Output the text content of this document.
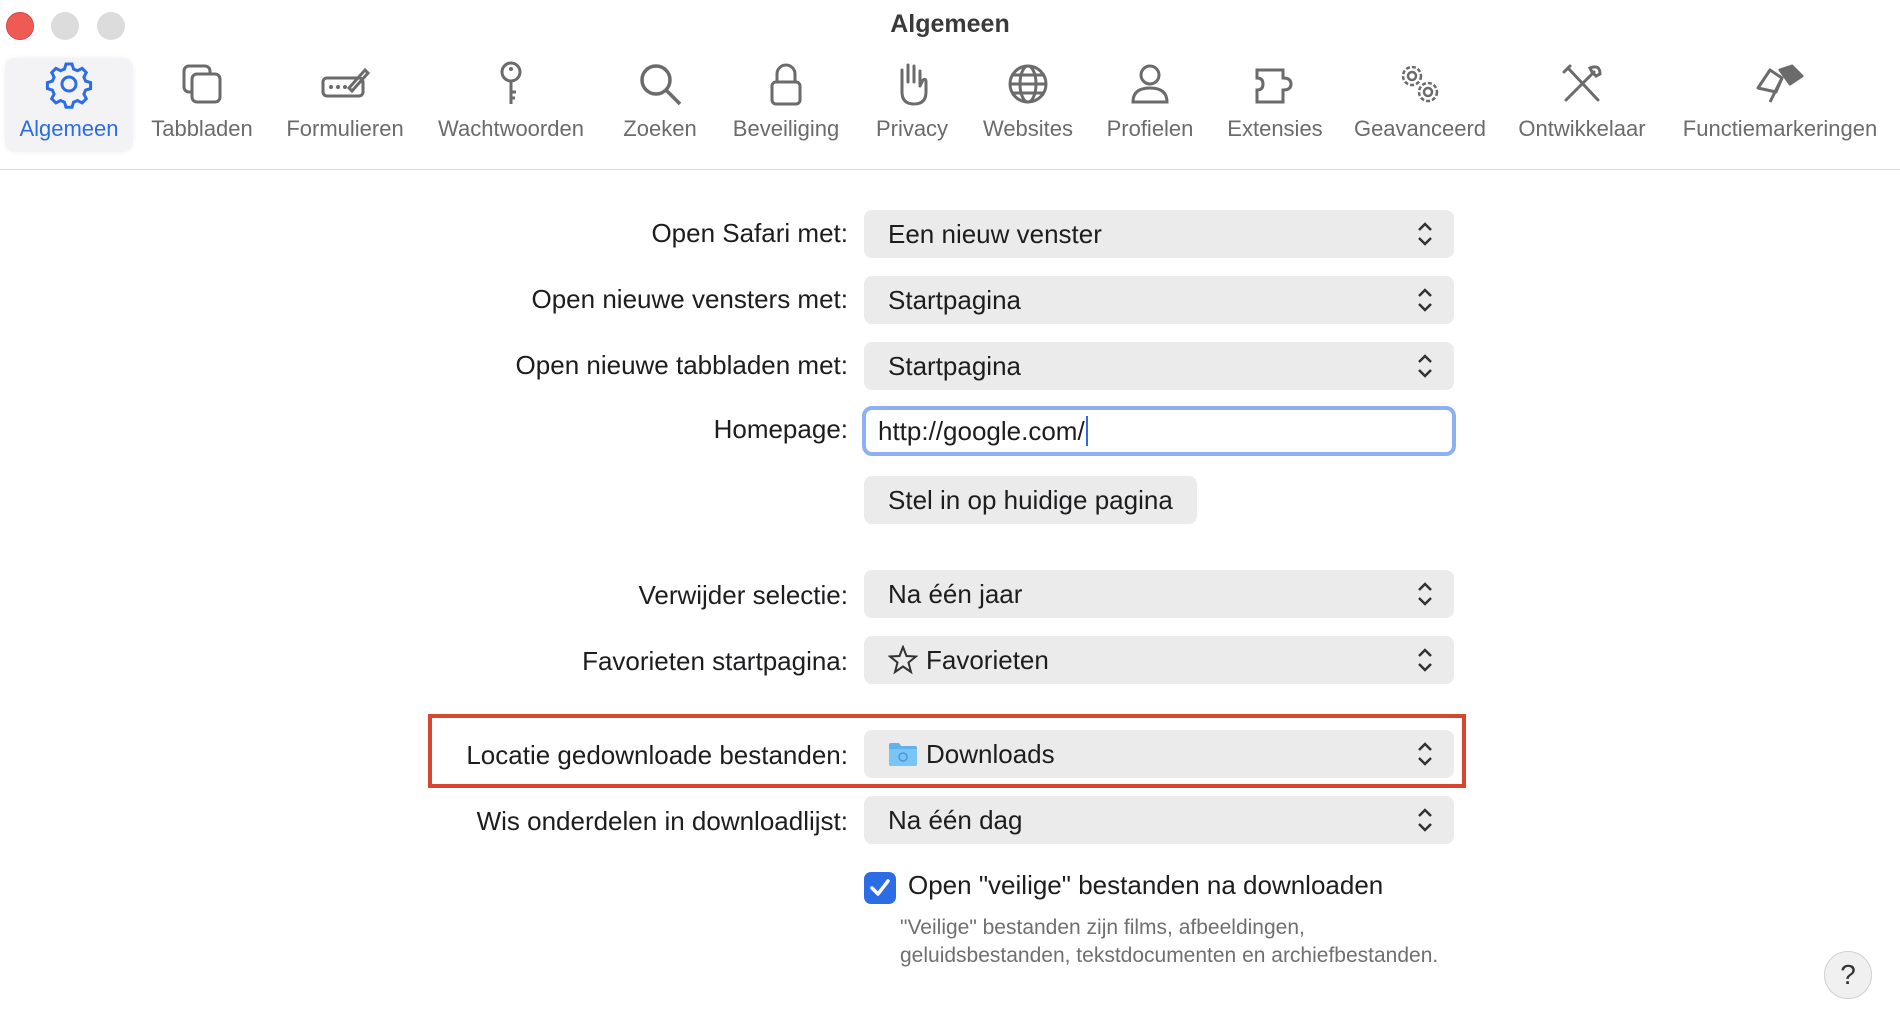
Algemeen
Algemeen Tabbladen Formulieren Wachtwoorden Zoeken Beveiliging Privacy Websites Profielen Extensies Geavanceerd Ontwikkelaar Functiemarkeringen
Open Safari met: Een nieuw venster
Open nieuwe vensters met: Startpagina
Open nieuwe tabbladen met: Startpagina
Homepage: http://google.com/
Stel in op huidige pagina
Verwijder selectie: Na één jaar
Favorieten startpagina:	Favorieten
Locatie gedownloade bestanden:	Downloads
Wis onderdelen in downloadlijst: Na één dag
Open "veilige" bestanden na downloaden
"Veilige" bestanden zijn films, afbeeldingen, geluidsbestanden, tekstdocumenten en archiefbestanden.
?
